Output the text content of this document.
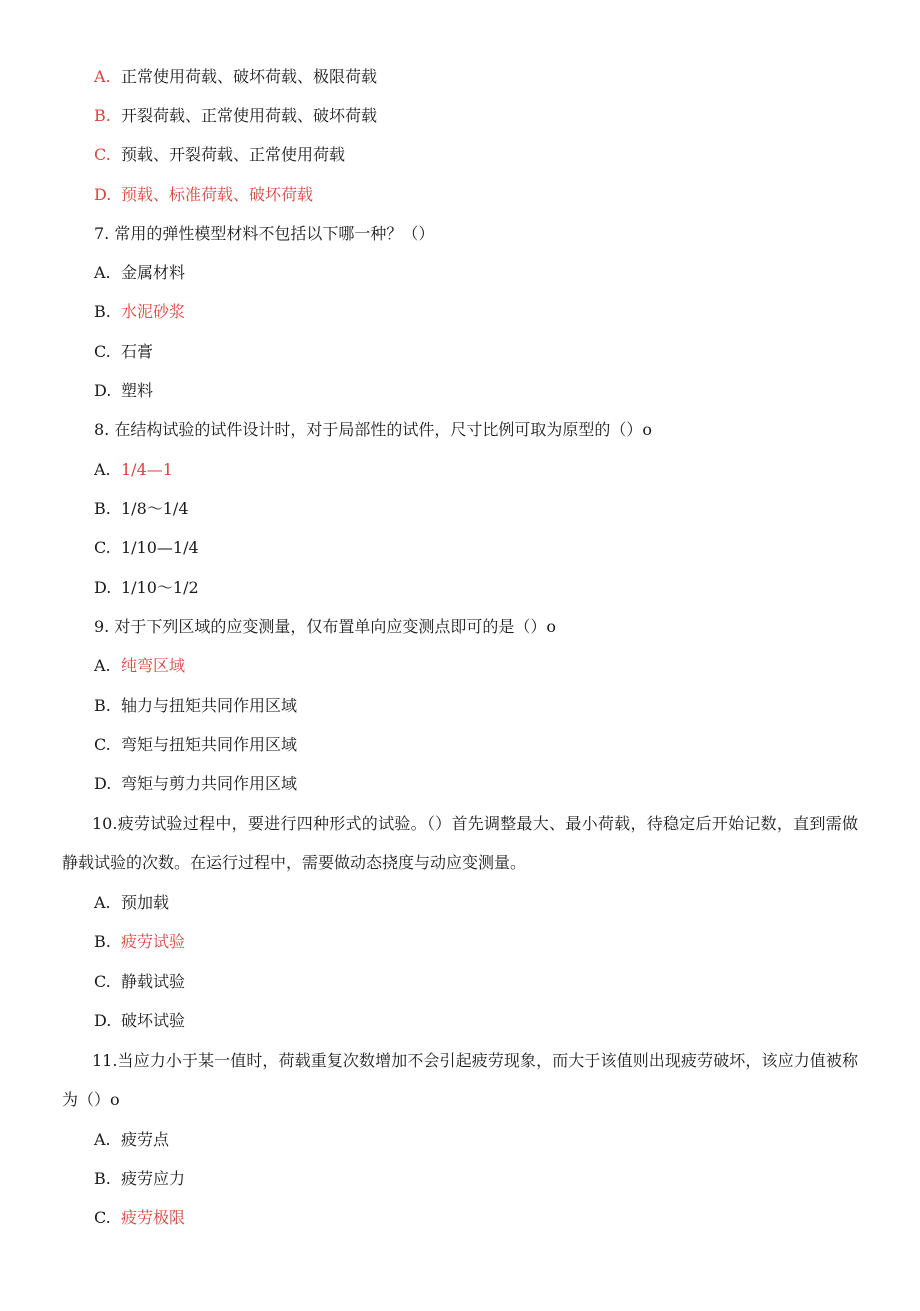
A. 正常使用荷载、破坏荷载、极限荷载
B. 开裂荷载、正常使用荷载、破坏荷载
C. 预载、开裂荷载、正常使用荷载
D. 预载、标准荷载、破坏荷载
7. 常用的弹性模型材料不包括以下哪一种？（）
A. 金属材料
B. 水泥砂浆
C. 石膏
D. 塑料
8. 在结构试验的试件设计时，对于局部性的试件，尺寸比例可取为原型的（）o
A. 1/4—1
B. 1/8～1/4
C. 1/10—1/4
D. 1/10～1/2
9. 对于下列区域的应变测量，仅布置单向应变测点即可的是（）o
A. 纯弯区域
B. 轴力与扭矩共同作用区域
C. 弯矩与扭矩共同作用区域
D. 弯矩与剪力共同作用区域
10.疲劳试验过程中，要进行四种形式的试验。（）首先调整最大、最小荷载，待稳定后开始记数，直到需做静载试验的次数。在运行过程中，需要做动态挠度与动应变测量。
A. 预加载
B. 疲劳试验
C. 静载试验
D. 破坏试验
11.当应力小于某一值时，荷载重复次数增加不会引起疲劳现象，而大于该值则出现疲劳破坏，该应力值被称为（）o
A. 疲劳点
B. 疲劳应力
C. 疲劳极限
